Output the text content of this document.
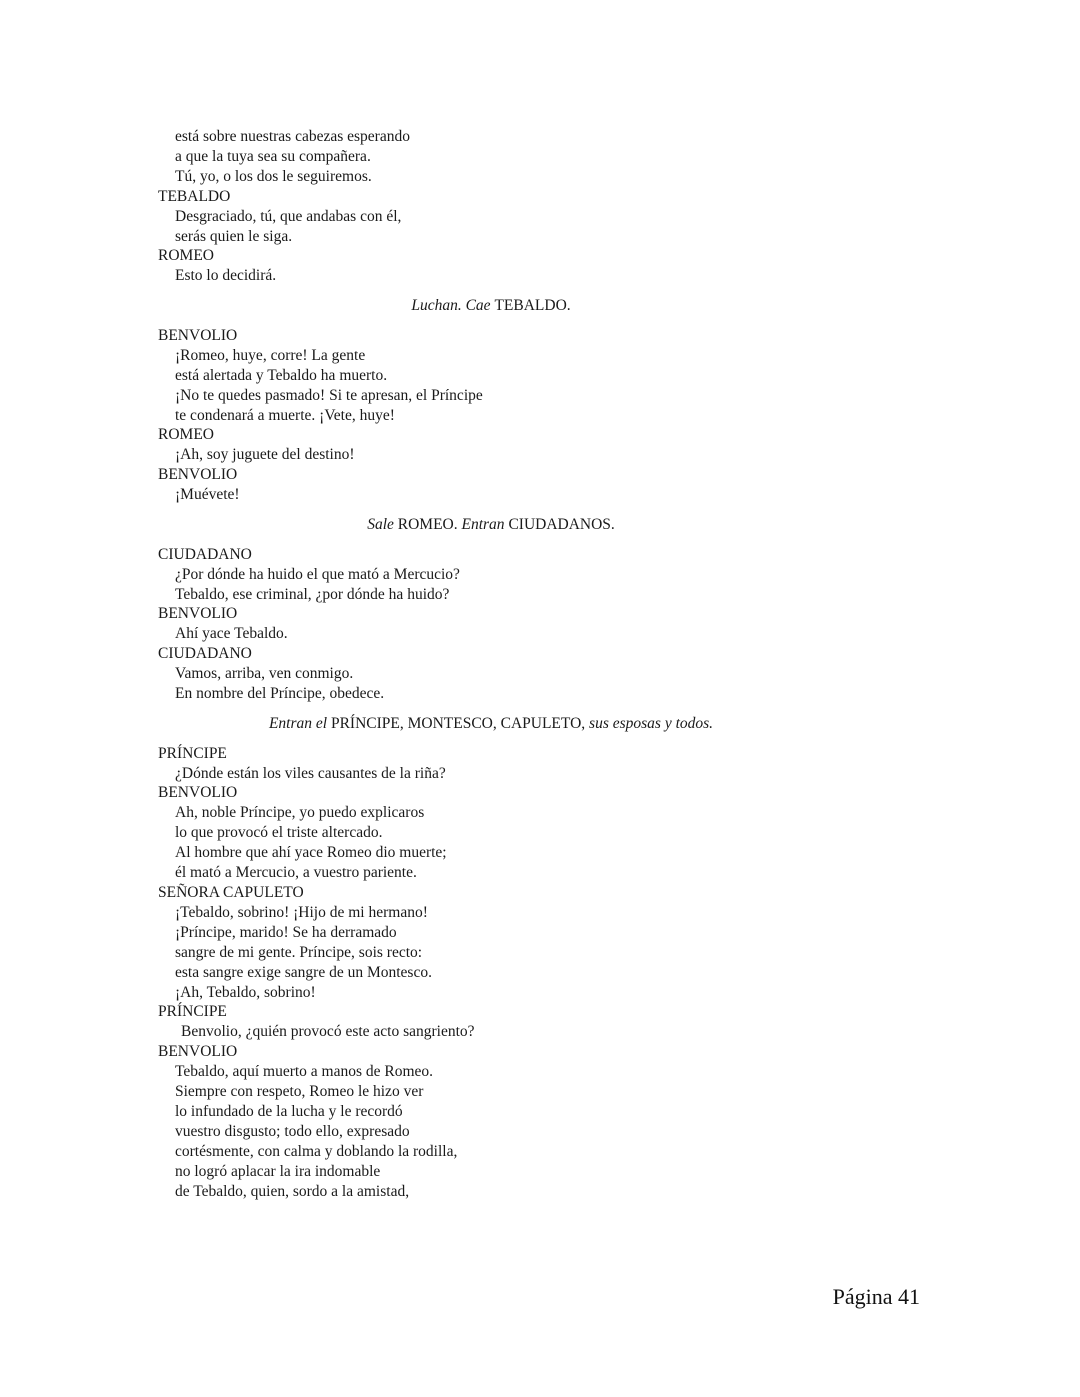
está sobre nuestras cabezas esperando

a que la tuya sea su compañera.

Tú, yo, o los dos le seguiremos.

TEBALDO

Desgraciado, tú, que andabas con él,

serás quien le siga.

ROMEO

Esto lo decidirá.

Luchan. Cae TEBALDO.

BENVOLIO

¡Romeo, huye, corre! La gente

está alertada y Tebaldo ha muerto.

¡No te quedes pasmado! Si te apresan, el Príncipe

te condenará a muerte. ¡Vete, huye!

ROMEO

¡Ah, soy juguete del destino!

BENVOLIO

¡Muévete!

Sale ROMEO. Entran CIUDADANOS.

CIUDADANO

¿Por dónde ha huido el que mató a Mercucio?

Tebaldo, ese criminal, ¿por dónde ha huido?

BENVOLIO

Ahí yace Tebaldo.

CIUDADANO

Vamos, arriba, ven conmigo.

En nombre del Príncipe, obedece.

Entran el PRÍNCIPE, MONTESCO, CAPULETO, sus esposas y todos.

PRÍNCIPE

¿Dónde están los viles causantes de la riña?

BENVOLIO

Ah, noble Príncipe, yo puedo explicaros

lo que provocó el triste altercado.

Al hombre que ahí yace Romeo dio muerte;

él mató a Mercucio, a vuestro pariente.

SEÑORA CAPULETO

¡Tebaldo, sobrino! ¡Hijo de mi hermano!

¡Príncipe, marido! Se ha derramado

sangre de mi gente. Príncipe, sois recto:

esta sangre exige sangre de un Montesco.

¡Ah, Tebaldo, sobrino!

PRÍNCIPE

Benvolio, ¿quién provocó este acto sangriento?

BENVOLIO

Tebaldo, aquí muerto a manos de Romeo.

Siempre con respeto, Romeo le hizo ver

lo infundado de la lucha y le recordó

vuestro disgusto; todo ello, expresado

cortésmente, con calma y doblando la rodilla,

no logró aplacar la ira indomable

de Tebaldo, quien, sordo a la amistad,

Página 41
